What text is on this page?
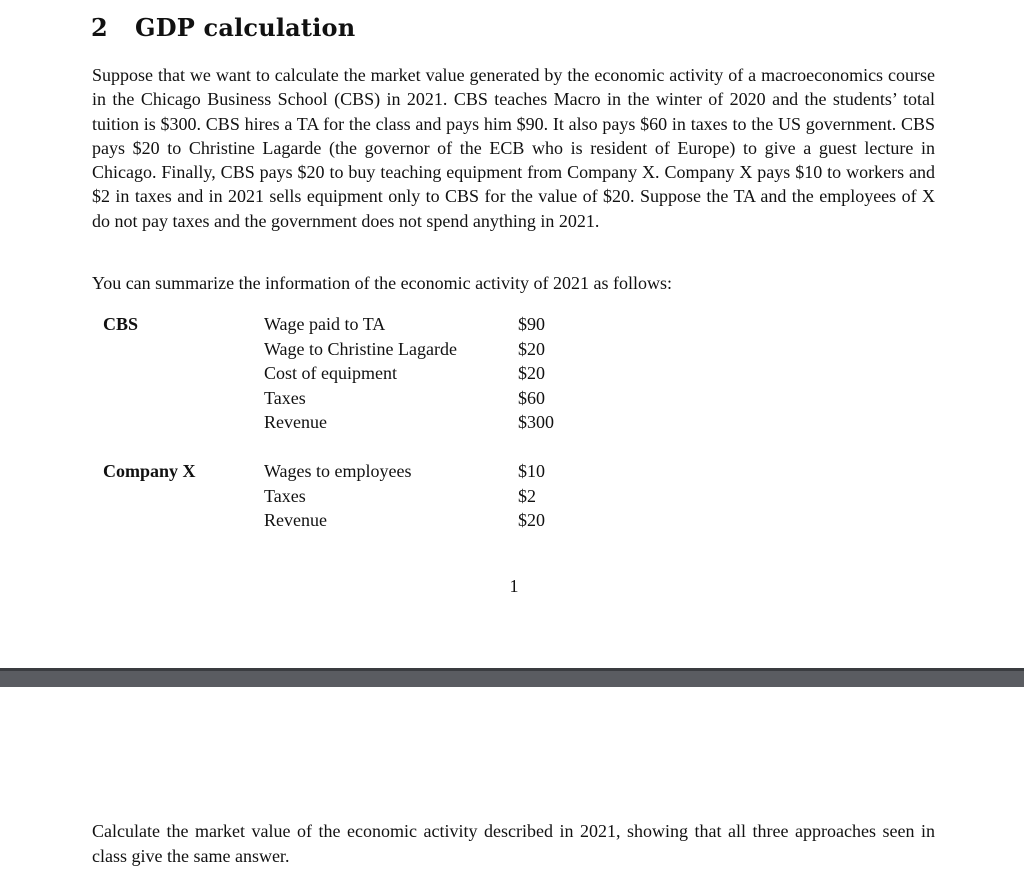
2 GDP calculation

Suppose that we want to calculate the market value generated by the economic activity of a macroeconomics course in the Chicago Business School (CBS) in 2021. CBS teaches Macro in the winter of 2020 and the students’ total tuition is $300. CBS hires a TA for the class and pays him $90. It also pays $60 in taxes to the US government. CBS pays $20 to Christine Lagarde (the governor of the ECB who is resident of Europe) to give a guest lecture in Chicago. Finally, CBS pays $20 to buy teaching equipment from Company X. Company X pays $10 to workers and $2 in taxes and in 2021 sells equipment only to CBS for the value of $20. Suppose the TA and the employees of X do not pay taxes and the government does not spend anything in 2021.

You can summarize the information of the economic activity of 2021 as follows:

CBS	Wage paid to TA	$90
Wage to Christine Lagarde	$20
Cost of equipment	$20
Taxes	$60
Revenue	$300
Company X	Wages to employees	$10
Taxes	$2
Revenue	$20
1

Calculate the market value of the economic activity described in 2021, showing that all three approaches seen in class give the same answer.
